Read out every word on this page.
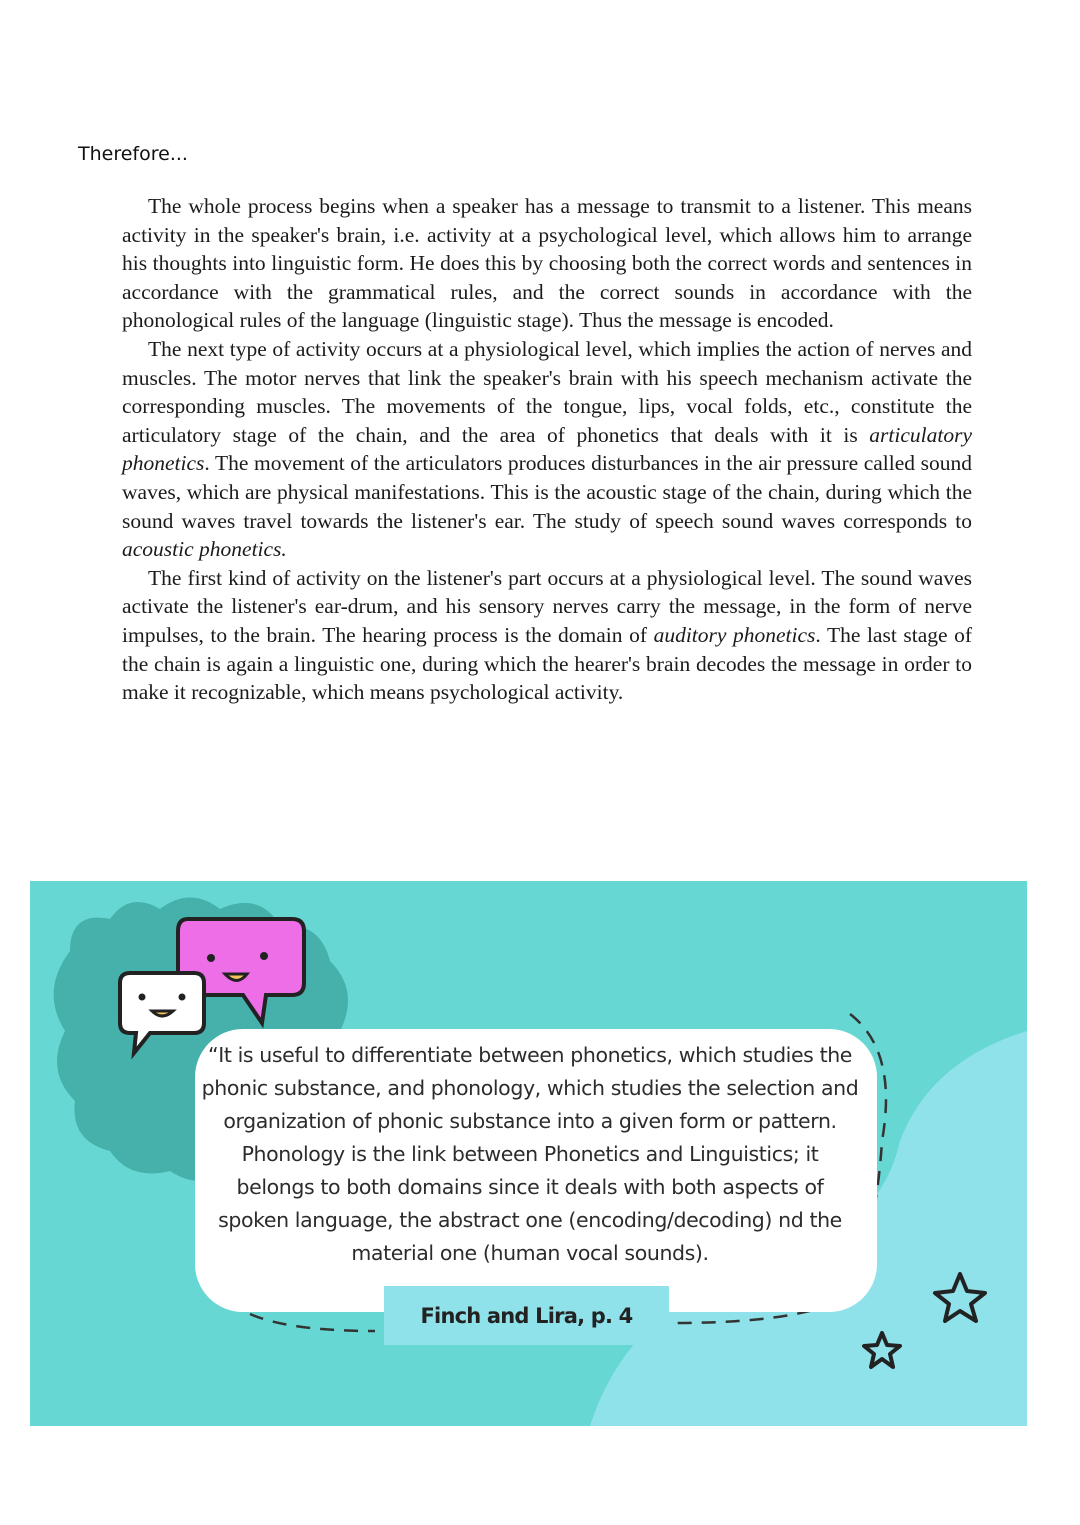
Therefore...

The whole process begins when a speaker has a message to transmit to a listener. This means activity in the speaker's brain, i.e. activity at a psychological level, which allows him to arrange his thoughts into linguistic form. He does this by choosing both the correct words and sentences in accordance with the grammatical rules, and the correct sounds in accordance with the phonological rules of the language (linguistic stage). Thus the message is encoded.

The next type of activity occurs at a physiological level, which implies the action of nerves and muscles. The motor nerves that link the speaker's brain with his speech mechanism activate the corresponding muscles. The movements of the tongue, lips, vocal folds, etc., constitute the articulatory stage of the chain, and the area of phonetics that deals with it is articulatory phonetics. The movement of the articulators produces disturbances in the air pressure called sound waves, which are physical manifestations. This is the acoustic stage of the chain, during which the sound waves travel towards the listener's ear. The study of speech sound waves corresponds to acoustic phonetics.

The first kind of activity on the listener's part occurs at a physiological level. The sound waves activate the listener's ear-drum, and his sensory nerves carry the message, in the form of nerve impulses, to the brain. The hearing process is the domain of auditory phonetics. The last stage of the chain is again a linguistic one, during which the hearer's brain decodes the message in order to make it recognizable, which means psychological activity.

“It is useful to differentiate between phonetics, which studies the phonic substance, and phonology, which studies the selection and organization of phonic substance into a given form or pattern. Phonology is the link between Phonetics and Linguistics; it belongs to both domains since it deals with both aspects of spoken language, the abstract one (encoding/decoding) nd the material one (human vocal sounds).
Finch and Lira, p. 4
